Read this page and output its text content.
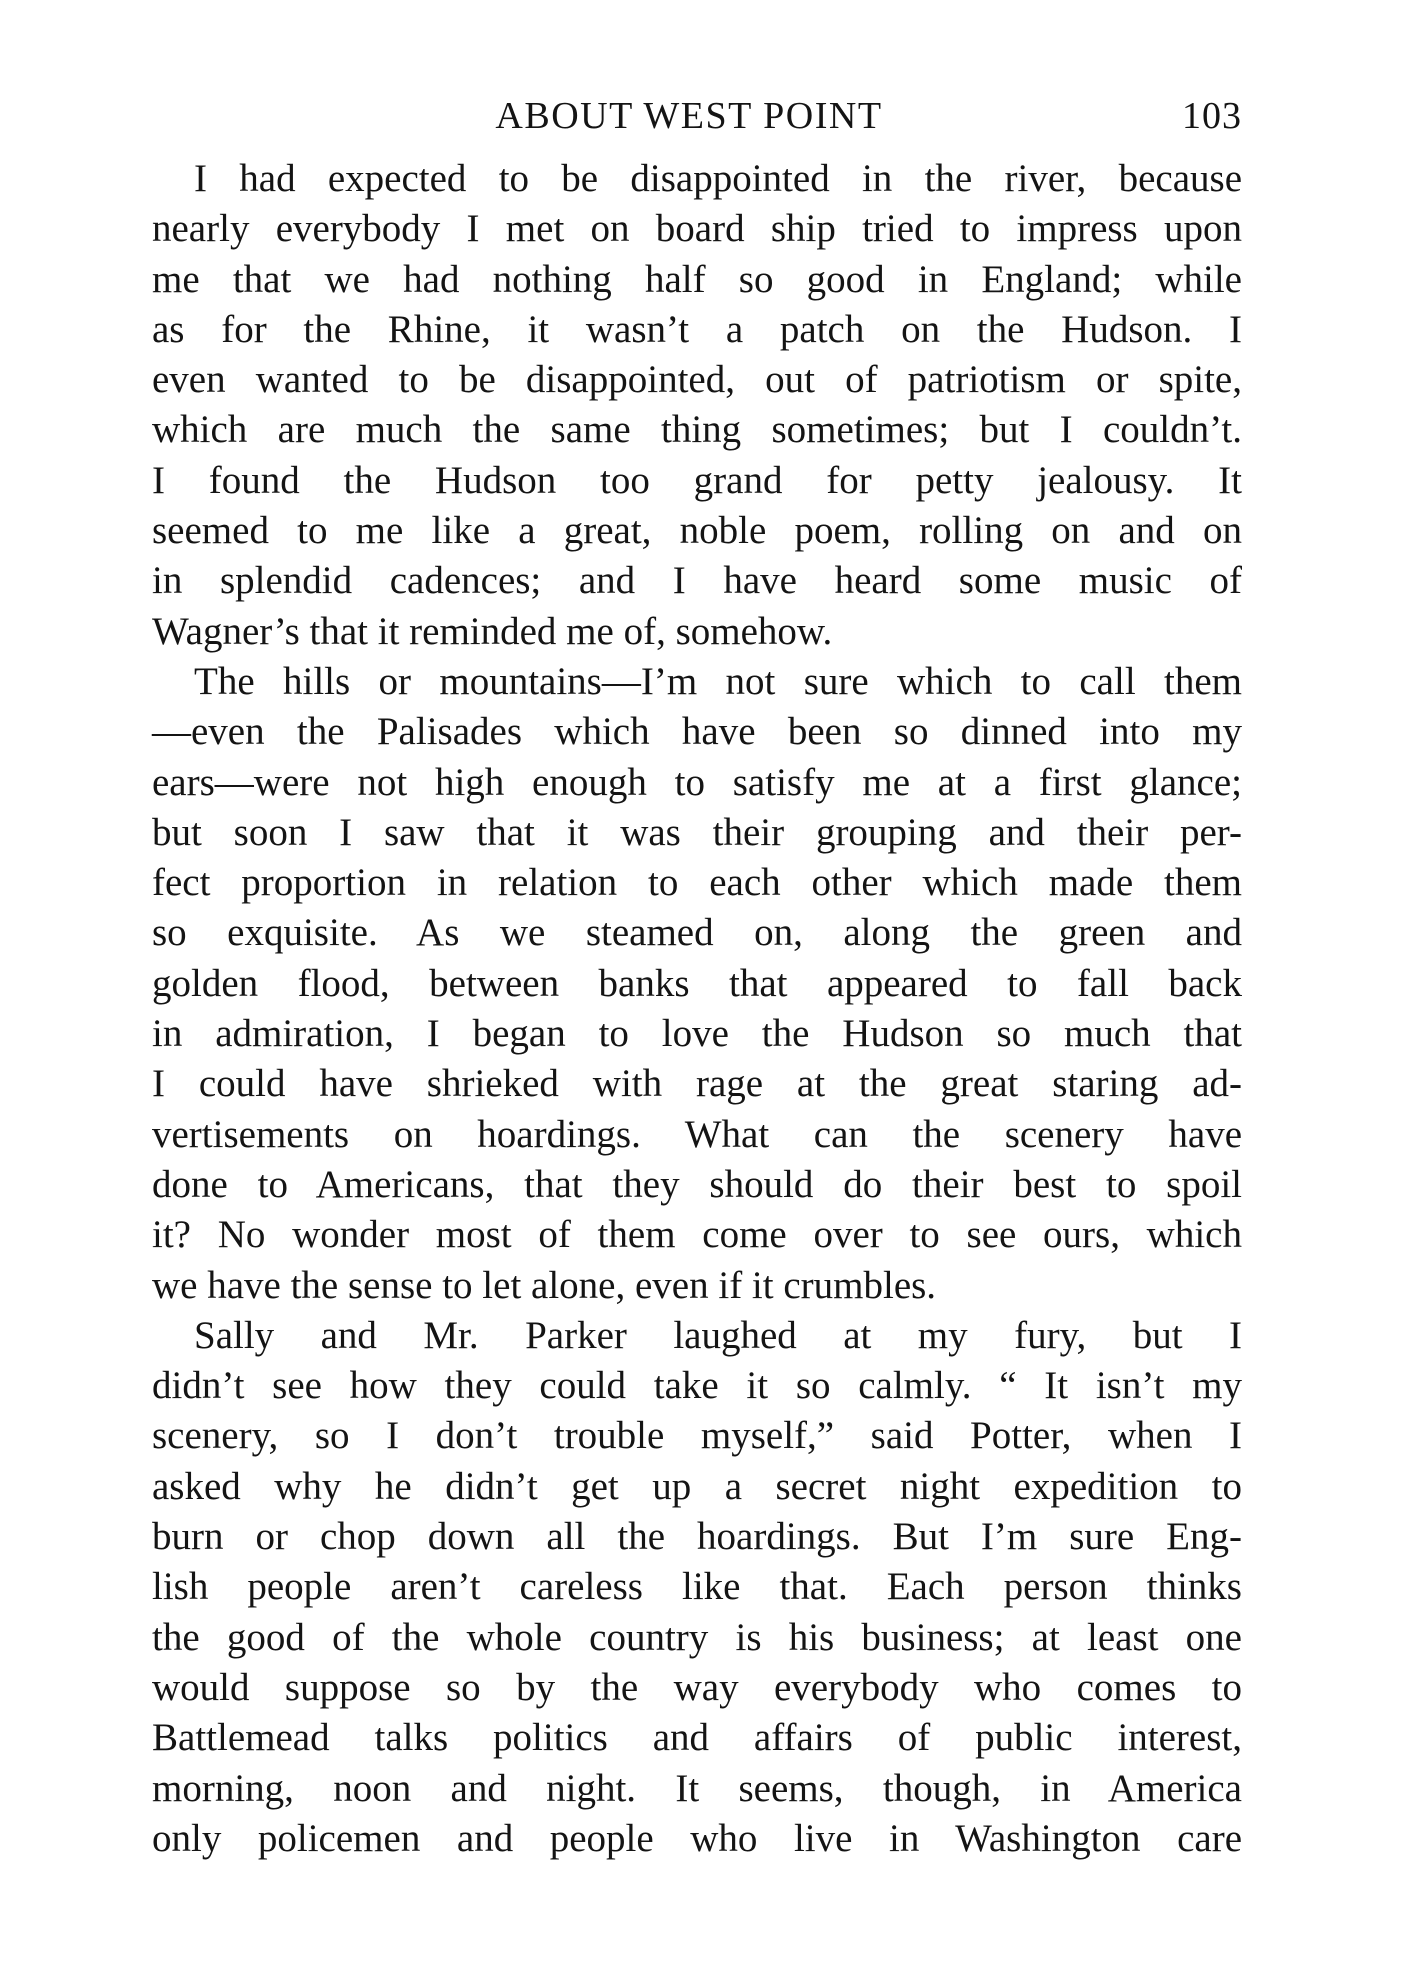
ABOUT WEST POINT	103
I had expected to be disappointed in the river, because
nearly everybody I met on board ship tried to impress upon
me that we had nothing half so good in England; while
as for the Rhine, it wasn’t a patch on the Hudson. I
even wanted to be disappointed, out of patriotism or spite,
which are much the same thing sometimes; but I couldn’t.
I found the Hudson too grand for petty jealousy. It
seemed to me like a great, noble poem, rolling on and on
in splendid cadences; and I have heard some music of
Wagner’s that it reminded me of, somehow.
The hills or mountains—I’m not sure which to call them
—even the Palisades which have been so dinned into my
ears—were not high enough to satisfy me at a first glance;
but soon I saw that it was their grouping and their per-
fect proportion in relation to each other which made them
so exquisite. As we steamed on, along the green and
golden flood, between banks that appeared to fall back
in admiration, I began to love the Hudson so much that
I could have shrieked with rage at the great staring ad-
vertisements on hoardings. What can the scenery have
done to Americans, that they should do their best to spoil
it? No wonder most of them come over to see ours, which
we have the sense to let alone, even if it crumbles.
Sally and Mr. Parker laughed at my fury, but I
didn’t see how they could take it so calmly. “ It isn’t my
scenery, so I don’t trouble myself,” said Potter, when I
asked why he didn’t get up a secret night expedition to
burn or chop down all the hoardings. But I’m sure Eng-
lish people aren’t careless like that. Each person thinks
the good of the whole country is his business; at least one
would suppose so by the way everybody who comes to
Battlemead talks politics and affairs of public interest,
morning, noon and night. It seems, though, in America
only policemen and people who live in Washington care
